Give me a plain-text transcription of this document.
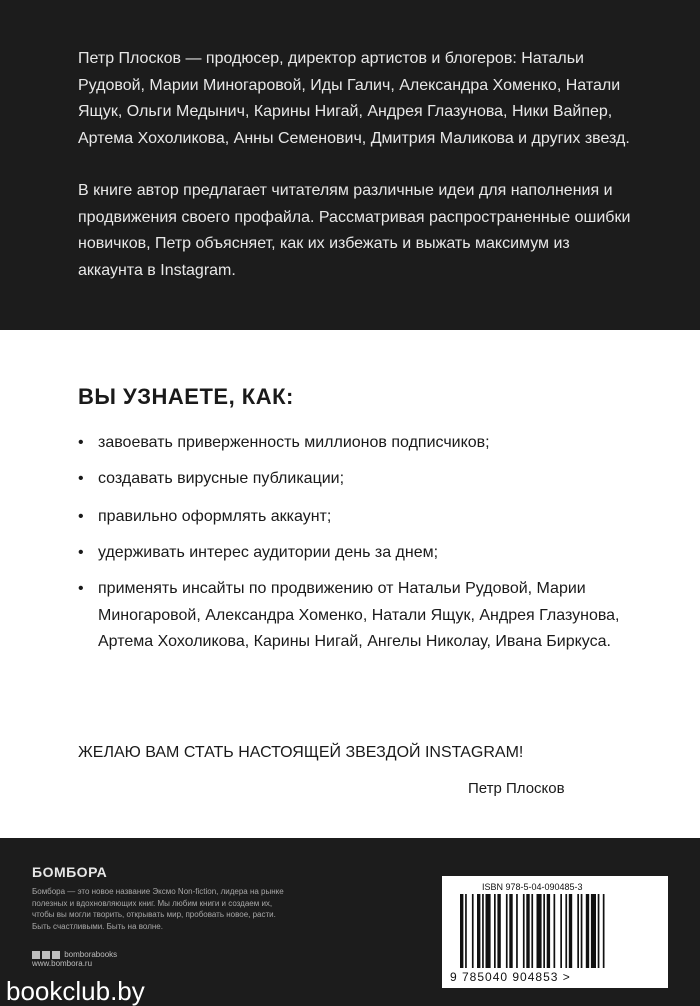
Петр Плосков — продюсер, директор артистов и блогеров: Натальи Рудовой, Марии Миногаровой, Иды Галич, Александра Хоменко, Натали Ящук, Ольги Медынич, Карины Нигай, Андрея Глазунова, Ники Вайпер, Артема Хохоликова, Анны Семенович, Дмитрия Маликова и других звезд.

В книге автор предлагает читателям различные идеи для наполнения и продвижения своего профайла. Рассматривая распространенные ошибки новичков, Петр объясняет, как их избежать и выжать максимум из аккаунта в Instagram.

ВЫ УЗНАЕТЕ, КАК:
• завоевать приверженность миллионов подписчиков;
• создавать вирусные публикации;
• правильно оформлять аккаунт;
• удерживать интерес аудитории день за днем;
• применять инсайты по продвижению от Натальи Рудовой, Марии Миногаровой, Александра Хоменко, Натали Ящук, Андрея Глазунова, Артема Хохоликова, Карины Нигай, Ангелы Николау, Ивана Биркуса.
ЖЕЛАЮ ВАМ СТАТЬ НАСТОЯЩЕЙ ЗВЕЗДОЙ INSTAGRAM!
Петр Плосков
БОМБОРА
Бомбора — это новое название Эксмо Non-fiction, лидера на рынке полезных и вдохновляющих книг. Мы любим книги и создаем их, чтобы вы могли творить, открывать мир, пробовать новое, расти. Быть счастливыми. Быть на волне.
bomborabooks
www.bombora.ru
ISBN 978-5-04-090485-3
9 785040 904853 >
bookclub.by
